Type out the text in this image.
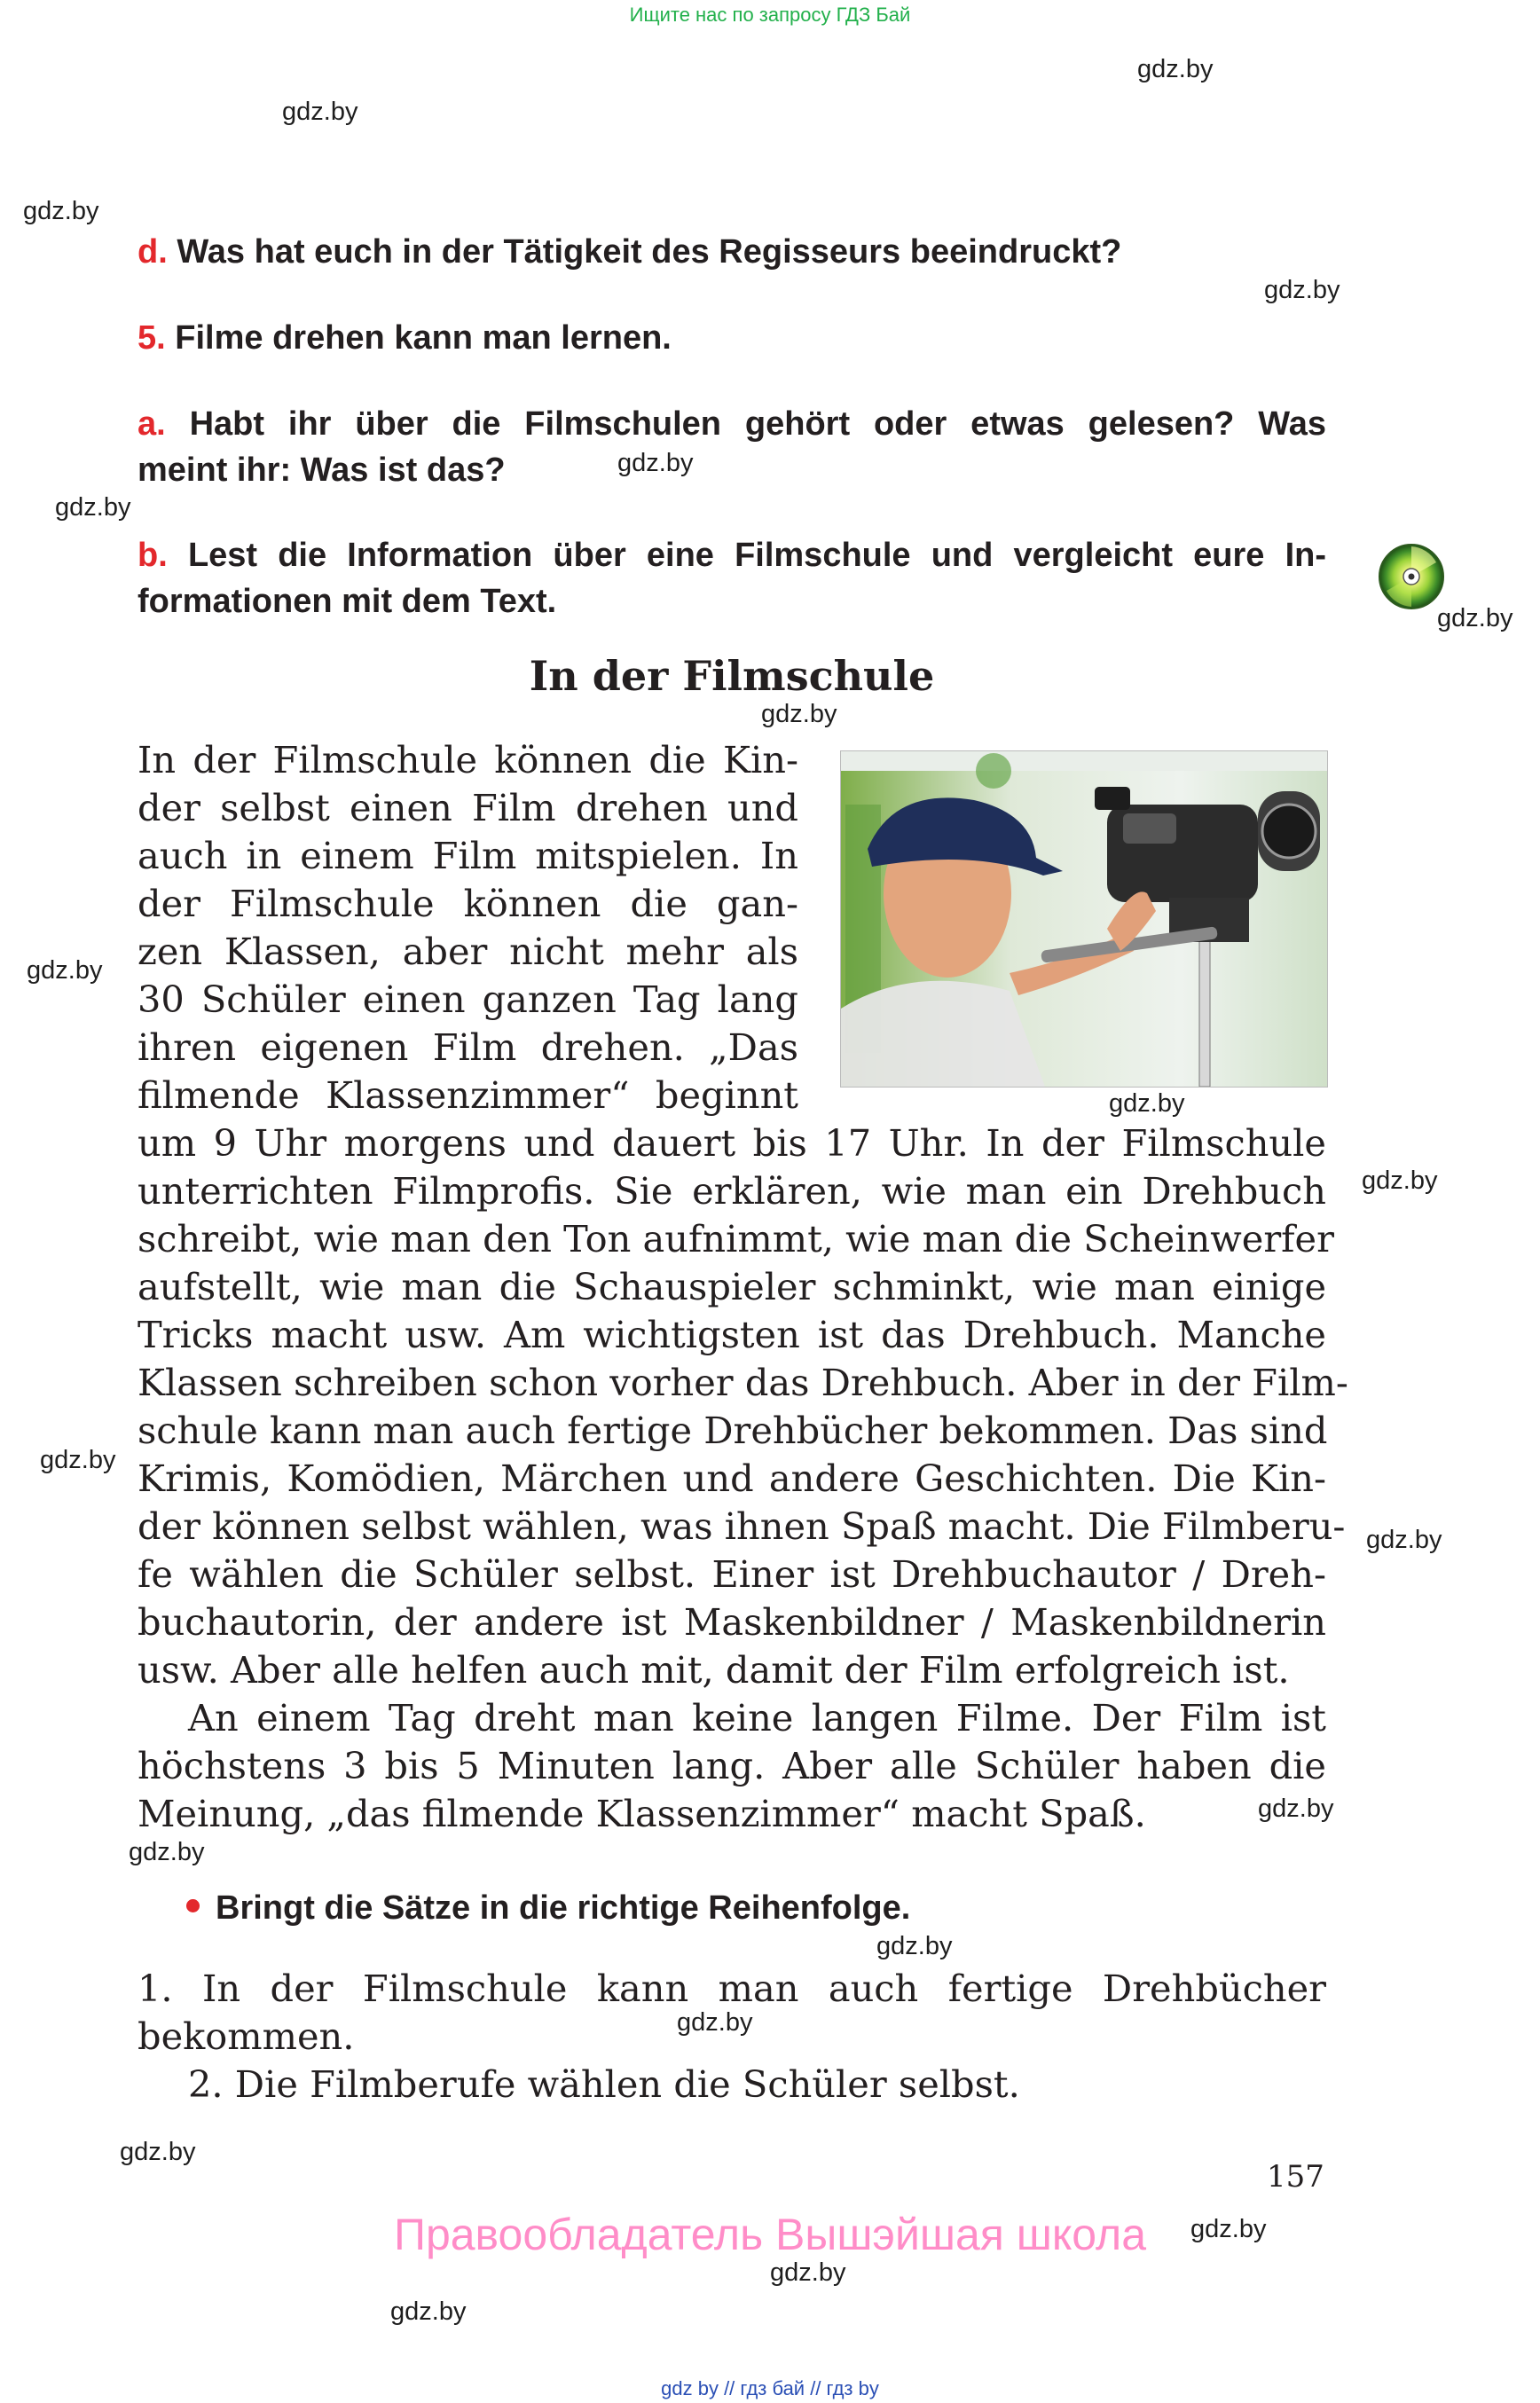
Ищите нас по запросу ГДЗ Бай
gdz.by
gdz.by
gdz.by
gdz.by
gdz.by
gdz.by
gdz.by
gdz.by
gdz.by
gdz.by
gdz.by
gdz.by
gdz.by
gdz.by
gdz.by
gdz.by
gdz.by
gdz.by
gdz.by
gdz.by
gdz.by
d. Was hat euch in der Tätigkeit des Regisseurs beeindruckt?
5. Filme drehen kann man lernen.
a. Habt ihr über die Filmschulen gehört oder etwas gelesen? Was
meint ihr: Was ist das?
b. Lest die Information über eine Filmschule und vergleicht eure In-
formationen mit dem Text.
In der Filmschule
In der Filmschule können die Kin-
der selbst einen Film drehen und
auch in einem Film mitspielen. In
der Filmschule können die gan-
zen Klassen, aber nicht mehr als
30 Schüler einen ganzen Tag lang
ihren eigenen Film drehen. „Das
filmende Klassenzimmer“ beginnt
um 9 Uhr morgens und dauert bis 17 Uhr. In der Filmschule
unterrichten Filmprofis. Sie erklären, wie man ein Drehbuch
schreibt, wie man den Ton aufnimmt, wie man die Scheinwerfer
aufstellt, wie man die Schauspieler schminkt, wie man einige
Tricks macht usw. Am wichtigsten ist das Drehbuch. Manche
Klassen schreiben schon vorher das Drehbuch. Aber in der Film-
schule kann man auch fertige Drehbücher bekommen. Das sind
Krimis, Komödien, Märchen und andere Geschichten. Die Kin-
der können selbst wählen, was ihnen Spaß macht. Die Filmberu-
fe wählen die Schüler selbst. Einer ist Drehbuchautor / Dreh-
buchautorin, der andere ist Maskenbildner / Maskenbildnerin
usw. Aber alle helfen auch mit, damit der Film erfolgreich ist.
An einem Tag dreht man keine langen Filme. Der Film ist
höchstens 3 bis 5 Minuten lang. Aber alle Schüler haben die
Meinung, „das filmende Klassenzimmer“ macht Spaß.
Bringt die Sätze in die richtige Reihenfolge.
1. In der Filmschule kann man auch fertige Drehbücher
bekommen.
2. Die Filmberufe wählen die Schüler selbst.
157
Правообладатель Вышэйшая школа
gdz by // гдз бай // гдз by
